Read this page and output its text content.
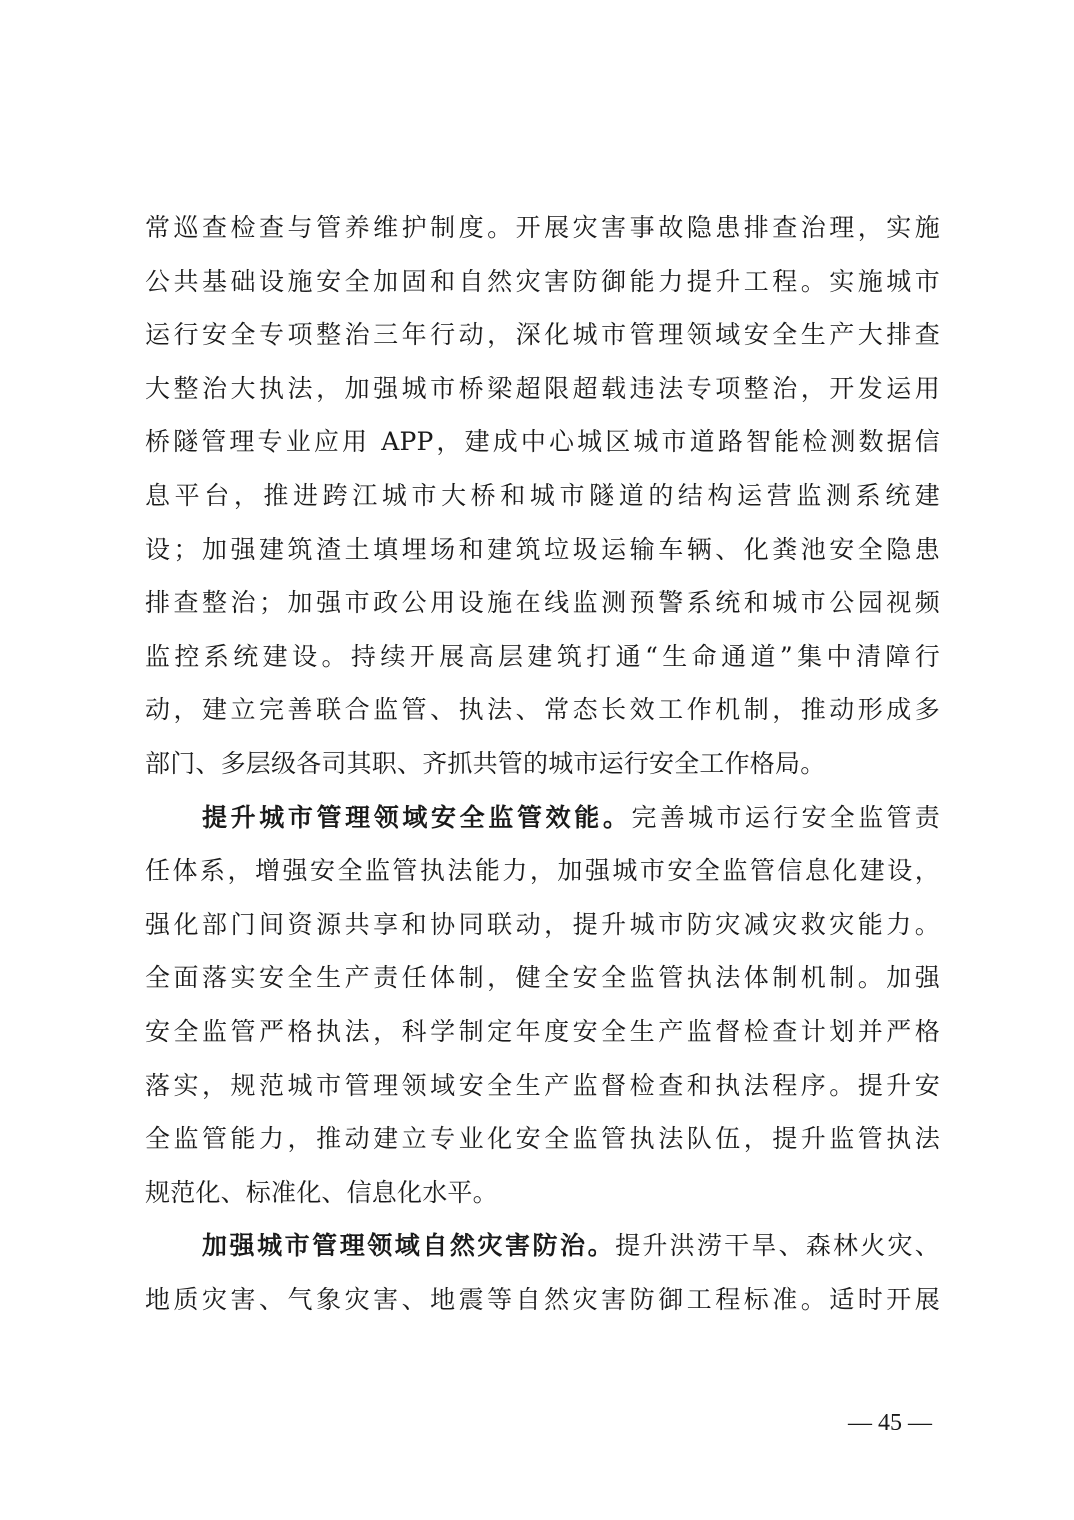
常巡查检查与管养维护制度。开展灾害事故隐患排查治理，实施
公共基础设施安全加固和自然灾害防御能力提升工程。实施城市
运行安全专项整治三年行动，深化城市管理领域安全生产大排查
大整治大执法，加强城市桥梁超限超载违法专项整治，开发运用
桥隧管理专业应用 APP，建成中心城区城市道路智能检测数据信
息平台，推进跨江城市大桥和城市隧道的结构运营监测系统建
设；加强建筑渣土填埋场和建筑垃圾运输车辆、化粪池安全隐患
排查整治；加强市政公用设施在线监测预警系统和城市公园视频
监控系统建设。持续开展高层建筑打通“生命通道”集中清障行
动，建立完善联合监管、执法、常态长效工作机制，推动形成多
部门、多层级各司其职、齐抓共管的城市运行安全工作格局。
提升城市管理领域安全监管效能。完善城市运行安全监管责
任体系，增强安全监管执法能力，加强城市安全监管信息化建设，
强化部门间资源共享和协同联动，提升城市防灾减灾救灾能力。
全面落实安全生产责任体制，健全安全监管执法体制机制。加强
安全监管严格执法，科学制定年度安全生产监督检查计划并严格
落实，规范城市管理领域安全生产监督检查和执法程序。提升安
全监管能力，推动建立专业化安全监管执法队伍，提升监管执法
规范化、标准化、信息化水平。
加强城市管理领域自然灾害防治。提升洪涝干旱、森林火灾、
地质灾害、气象灾害、地震等自然灾害防御工程标准。适时开展
— 45 —
